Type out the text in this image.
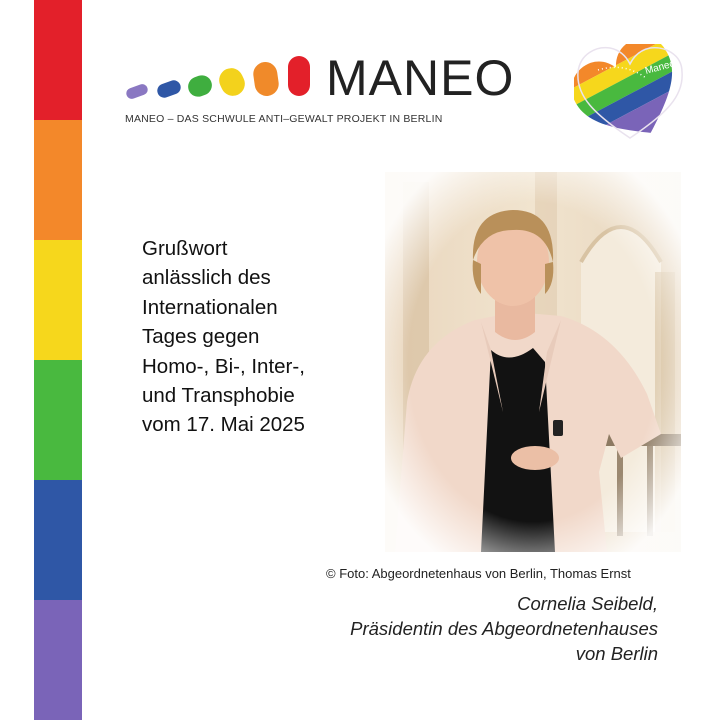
MANEO
MANEO – DAS SCHWULE ANTI–GEWALT PROJEKT IN BERLIN
Maneo
Grußwort
anlässlich des
Internationalen
Tages gegen
Homo-, Bi-, Inter-,
und Transphobie
vom 17. Mai 2025
© Foto: Abgeordnetenhaus von Berlin, Thomas Ernst
Cornelia Seibeld,
Präsidentin des Abgeordnetenhauses
von Berlin
